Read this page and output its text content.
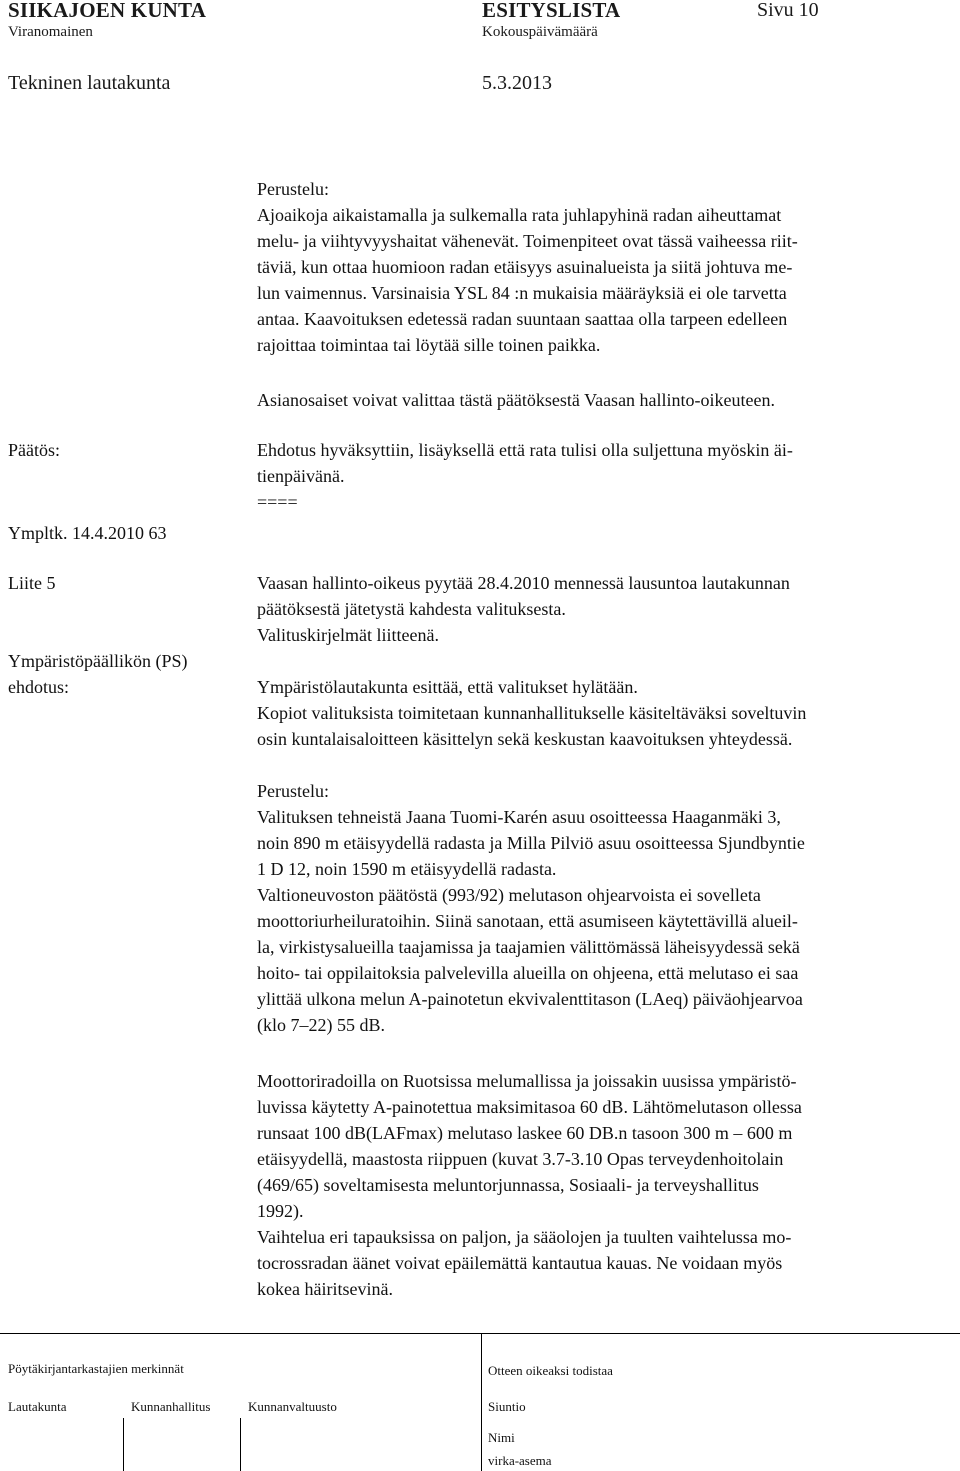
SIIKAJOEN KUNTA	ESITYSLISTA	Sivu 10
Viranomainen	Kokouspäivämäärä
Tekninen lautakunta	5.3.2013
Perustelu:
Ajoaikoja aikaistamalla ja sulkemalla rata juhlapyhinä radan aiheuttamat
melu- ja viihtyvyyshaitat vähenevät. Toimenpiteet ovat tässä vaiheessa riit-
täviä, kun ottaa huomioon radan etäisyys asuinalueista ja siitä johtuva me-
lun vaimennus. Varsinaisia YSL 84 :n mukaisia määräyksiä ei ole tarvetta
antaa. Kaavoituksen edetessä radan suuntaan saattaa olla tarpeen edelleen
rajoittaa toimintaa tai löytää sille toinen paikka.
Asianosaiset voivat valittaa tästä päätöksestä Vaasan hallinto-oikeuteen.
Päätös:	Ehdotus hyväksyttiin, lisäyksellä että rata tulisi olla suljettuna myöskin äi-
tienpäivänä.
====
Ympltk. 14.4.2010 63
Liite 5
Ympäristöpäällikön (PS)
ehdotus:
Vaasan hallinto-oikeus pyytää 28.4.2010 mennessä lausuntoa lautakunnan
päätöksestä jätetystä kahdesta valituksesta.
Valituskirjelmät liitteenä.
Ympäristölautakunta esittää, että valitukset hylätään.
Kopiot valituksista toimitetaan kunnanhallitukselle käsiteltäväksi soveltuvin
osin kuntalaisaloitteen käsittelyn sekä keskustan kaavoituksen yhteydessä.
Perustelu:
Valituksen tehneistä Jaana Tuomi-Karén asuu osoitteessa Haaganmäki 3,
noin 890 m etäisyydellä radasta ja Milla Pilviö asuu osoitteessa Sjundbyntie
1 D 12, noin 1590 m etäisyydellä radasta.
Valtioneuvoston päätöstä (993/92) melutason ohjearvoista ei sovelleta
moottoriurheiluratoihin. Siinä sanotaan, että asumiseen käytettävillä alueil-
la, virkistysalueilla taajamissa ja taajamien välittömässä läheisyydessä sekä
hoito- tai oppilaitoksia palvelevilla alueilla on ohjeena, että melutaso ei saa
ylittää ulkona melun A-painotetun ekvivalenttitason (LAeq) päiväohjearvoa
(klo 7–22) 55 dB.
Moottoriradoilla on Ruotsissa melumallissa ja joissakin uusissa ympäristö-
luvissa käytetty A-painotettua maksimitasoa 60 dB. Lähtömelutason ollessa
runsaat 100 dB(LAFmax) melutaso laskee 60 DB.n tasoon 300 m – 600 m
etäisyydellä, maastosta riippuen (kuvat 3.7-3.10 Opas terveydenhoitolain
(469/65) soveltamisesta meluntorjunnassa, Sosiaali- ja terveyshallitus
1992).
Vaihtelua eri tapauksissa on paljon, ja sääolojen ja tuulten vaihtelussa mo-
tocrossradan äänet voivat epäilemättä kantautua kauas. Ne voidaan myös
kokea häiritsevinä.
Pöytäkirjantarkastajien merkinnät	Otteen oikeaksi todistaa
Lautakunta	Kunnanhallitus	Kunnanvaltuusto	Siuntio
Nimi
virka-asema
